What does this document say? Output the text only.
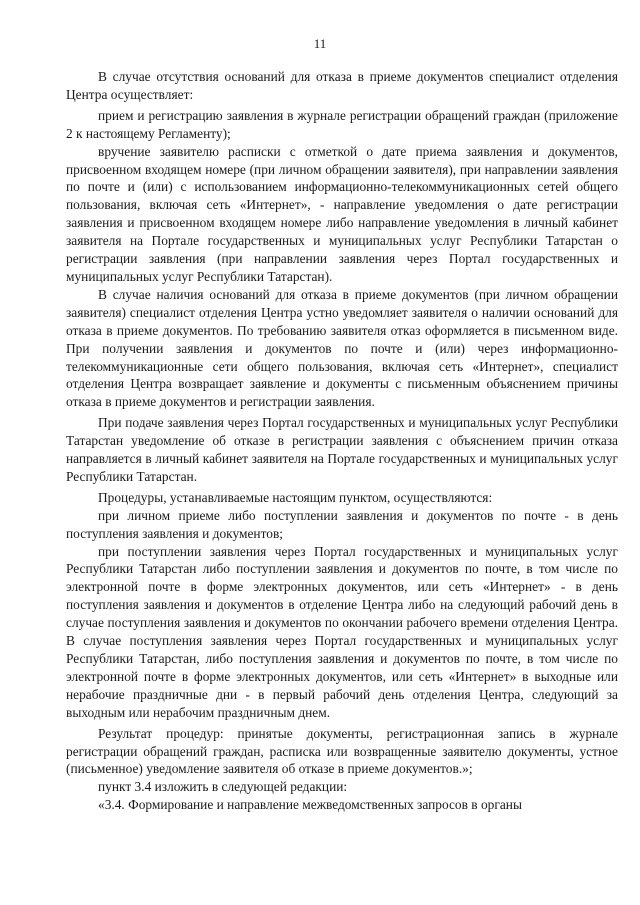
11

В случае отсутствия оснований для отказа в приеме документов специалист отделения Центра осуществляет:

прием и регистрацию заявления в журнале регистрации обращений граждан (приложение 2 к настоящему Регламенту);

вручение заявителю расписки с отметкой о дате приема заявления и документов, присвоенном входящем номере (при личном обращении заявителя), при направлении заявления по почте и (или) с использованием информационно-телекоммуникационных сетей общего пользования, включая сеть «Интернет», - направление уведомления о дате регистрации заявления и присвоенном входящем номере либо направление уведомления в личный кабинет заявителя на Портале государственных и муниципальных услуг Республики Татарстан о регистрации заявления (при направлении заявления через Портал государственных и муниципальных услуг Республики Татарстан).

В случае наличия оснований для отказа в приеме документов (при личном обращении заявителя) специалист отделения Центра устно уведомляет заявителя о наличии оснований для отказа в приеме документов. По требованию заявителя отказ оформляется в письменном виде. При получении заявления и документов по почте и (или) через информационно-телекоммуникационные сети общего пользования, включая сеть «Интернет», специалист отделения Центра возвращает заявление и документы с письменным объяснением причины отказа в приеме документов и регистрации заявления.

При подаче заявления через Портал государственных и муниципальных услуг Республики Татарстан уведомление об отказе в регистрации заявления с объяснением причин отказа направляется в личный кабинет заявителя на Портале государственных и муниципальных услуг Республики Татарстан.

Процедуры, устанавливаемые настоящим пунктом, осуществляются:

при личном приеме либо поступлении заявления и документов по почте - в день поступления заявления и документов;

при поступлении заявления через Портал государственных и муниципальных услуг Республики Татарстан либо поступлении заявления и документов по почте, в том числе по электронной почте в форме электронных документов, или сеть «Интернет» - в день поступления заявления и документов в отделение Центра либо на следующий рабочий день в случае поступления заявления и документов по окончании рабочего времени отделения Центра. В случае поступления заявления через Портал государственных и муниципальных услуг Республики Татарстан, либо поступления заявления и документов по почте, в том числе по электронной почте в форме электронных документов, или сеть «Интернет» в выходные или нерабочие праздничные дни - в первый рабочий день отделения Центра, следующий за выходным или нерабочим праздничным днем.

Результат процедур: принятые документы, регистрационная запись в журнале регистрации обращений граждан, расписка или возвращенные заявителю документы, устное (письменное) уведомление заявителя об отказе в приеме документов.»;

пункт 3.4 изложить в следующей редакции:

«3.4. Формирование и направление межведомственных запросов в органы
